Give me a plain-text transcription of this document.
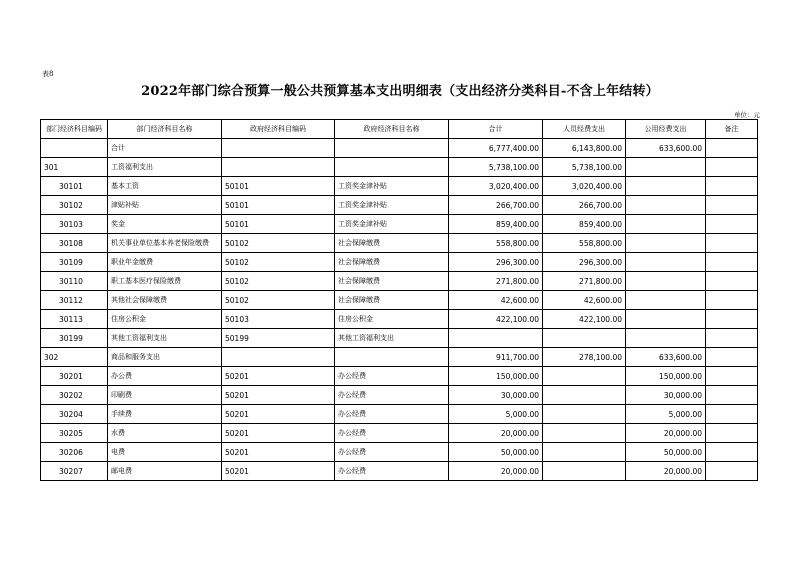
表8
2022年部门综合预算一般公共预算基本支出明细表（支出经济分类科目-不含上年结转）
单位：元
部门经济科目编码	部门经济科目名称	政府经济科目编码	政府经济科目名称	合计	人员经费支出	公用经费支出	备注
	合计			6,777,400.00	6,143,800.00	633,600.00	
301	工资福利支出			5,738,100.00	5,738,100.00		
30101	基本工资	50101	工资奖金津补贴	3,020,400.00	3,020,400.00		
30102	津贴补贴	50101	工资奖金津补贴	266,700.00	266,700.00		
30103	奖金	50101	工资奖金津补贴	859,400.00	859,400.00		
30108	机关事业单位基本养老保险缴费	50102	社会保障缴费	558,800.00	558,800.00		
30109	职业年金缴费	50102	社会保障缴费	296,300.00	296,300.00		
30110	职工基本医疗保险缴费	50102	社会保障缴费	271,800.00	271,800.00		
30112	其他社会保障缴费	50102	社会保障缴费	42,600.00	42,600.00		
30113	住房公积金	50103	住房公积金	422,100.00	422,100.00		
30199	其他工资福利支出	50199	其他工资福利支出				
302	商品和服务支出			911,700.00	278,100.00	633,600.00	
30201	办公费	50201	办公经费	150,000.00		150,000.00	
30202	印刷费	50201	办公经费	30,000.00		30,000.00	
30204	手续费	50201	办公经费	5,000.00		5,000.00	
30205	水费	50201	办公经费	20,000.00		20,000.00	
30206	电费	50201	办公经费	50,000.00		50,000.00	
30207	邮电费	50201	办公经费	20,000.00		20,000.00	
